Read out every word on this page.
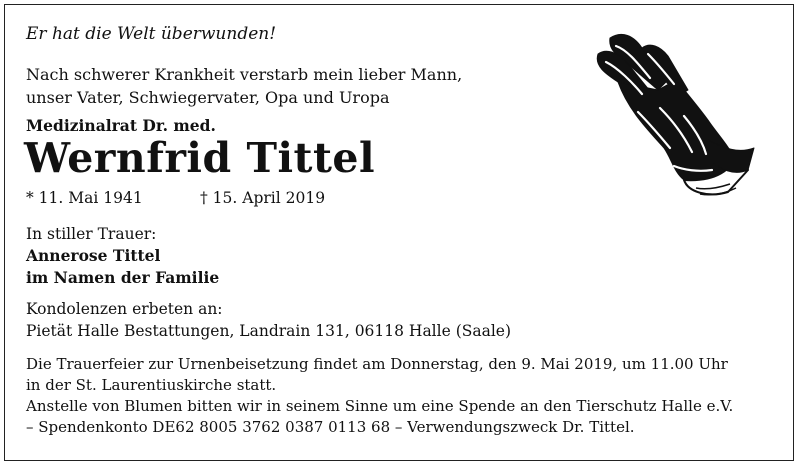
Er hat die Welt überwunden!
Nach schwerer Krankheit verstarb mein lieber Mann,
unser Vater, Schwiegervater, Opa und Uropa
Medizinalrat Dr. med.
Wernfrid Tittel
* 11. Mai 1941	† 15. April 2019
In stiller Trauer:
Annerose Tittel
im Namen der Familie
Kondolenzen erbeten an:
Pietät Halle Bestattungen, Landrain 131, 06118 Halle (Saale)
Die Trauerfeier zur Urnenbeisetzung findet am Donnerstag, den 9. Mai 2019, um 11.00 Uhr
in der St. Laurentiuskirche statt.
Anstelle von Blumen bitten wir in seinem Sinne um eine Spende an den Tierschutz Halle e.V.
– Spendenkonto DE62 8005 3762 0387 0113 68 – Verwendungszweck Dr. Tittel.
